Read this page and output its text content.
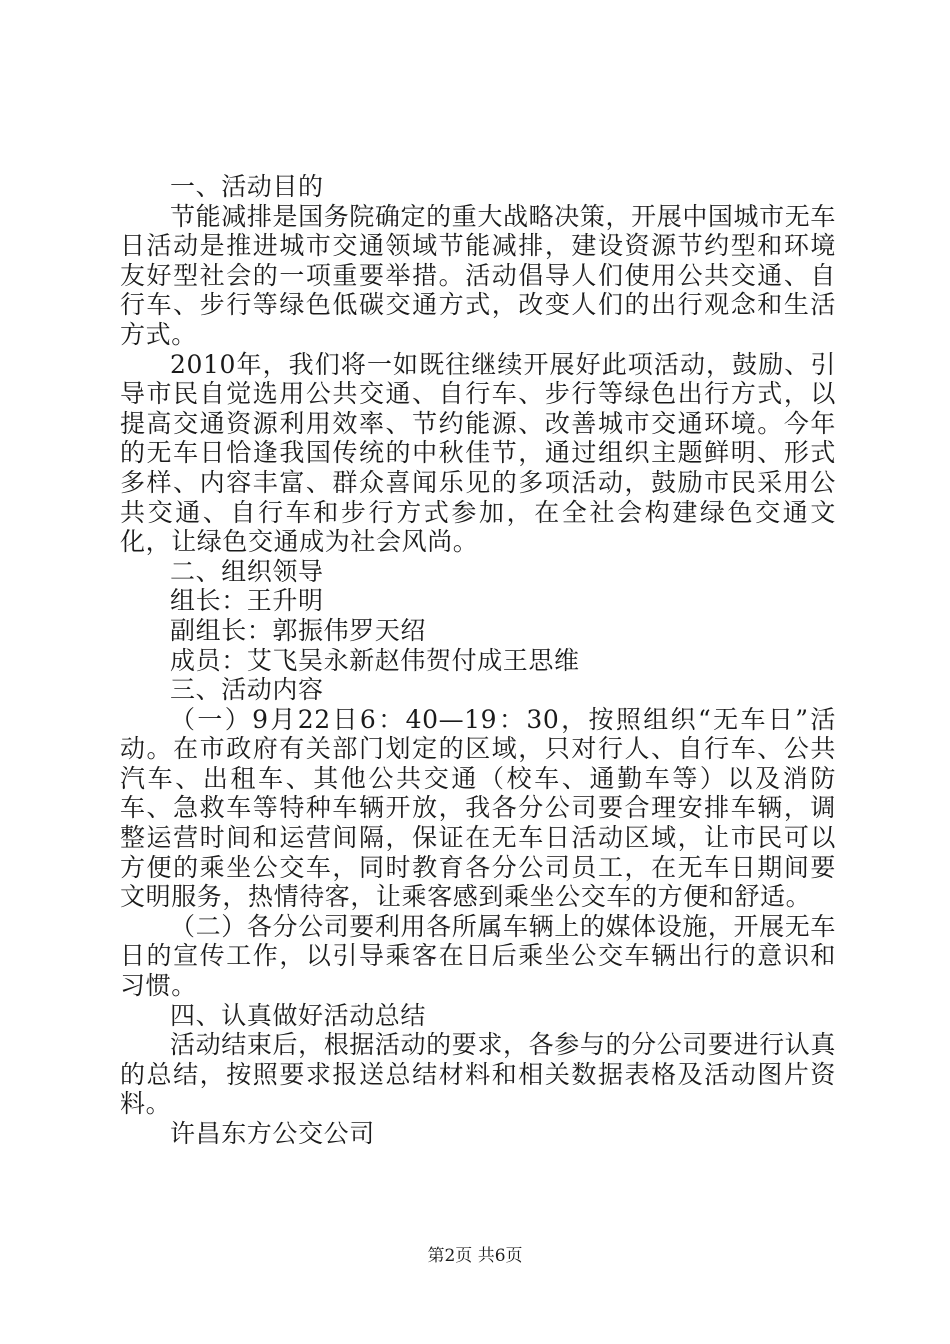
一、活动目的

节能减排是国务院确定的重大战略决策，开展中国城市无车日活动是推进城市交通领域节能减排，建设资源节约型和环境友好型社会的一项重要举措。活动倡导人们使用公共交通、自行车、步行等绿色低碳交通方式，改变人们的出行观念和生活方式。

2010年，我们将一如既往继续开展好此项活动，鼓励、引导市民自觉选用公共交通、自行车、步行等绿色出行方式，以提高交通资源利用效率、节约能源、改善城市交通环境。今年的无车日恰逢我国传统的中秋佳节，通过组织主题鲜明、形式多样、内容丰富、群众喜闻乐见的多项活动，鼓励市民采用公共交通、自行车和步行方式参加，在全社会构建绿色交通文化，让绿色交通成为社会风尚。

二、组织领导

组长：王升明

副组长：郭振伟罗天绍

成员：艾飞吴永新赵伟贺付成王思维

三、活动内容

（一）9月22日6：40—19：30，按照组织“无车日”活动。在市政府有关部门划定的区域，只对行人、自行车、公共汽车、出租车、其他公共交通（校车、通勤车等）以及消防车、急救车等特种车辆开放，我各分公司要合理安排车辆，调整运营时间和运营间隔，保证在无车日活动区域，让市民可以方便的乘坐公交车，同时教育各分公司员工，在无车日期间要文明服务，热情待客，让乘客感到乘坐公交车的方便和舒适。

（二）各分公司要利用各所属车辆上的媒体设施，开展无车日的宣传工作，以引导乘客在日后乘坐公交车辆出行的意识和习惯。

四、认真做好活动总结

活动结束后，根据活动的要求，各参与的分公司要进行认真的总结，按照要求报送总结材料和相关数据表格及活动图片资料。

许昌东方公交公司

第2页 共6页
